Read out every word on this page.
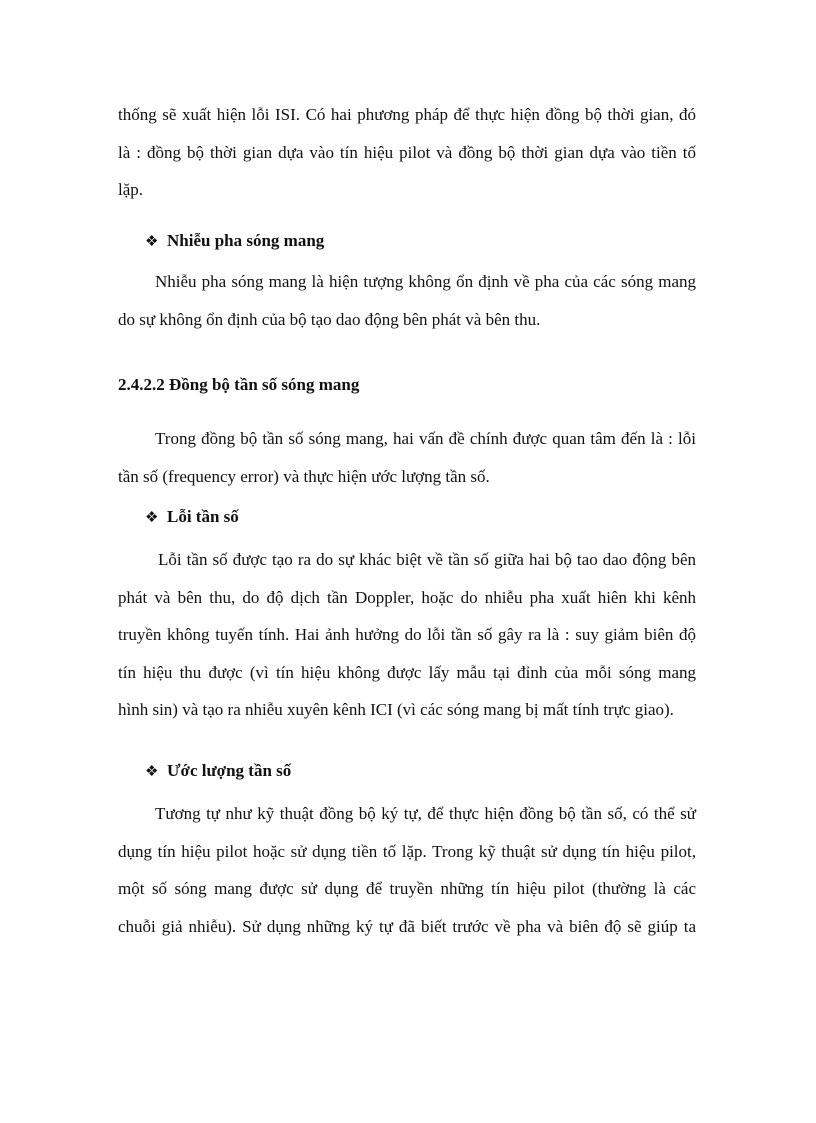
thống sẽ xuất hiện lỗi ISI. Có hai phương pháp để thực hiện đồng bộ thời gian, đó
là : đồng bộ thời gian dựa vào tín hiệu pilot và đồng bộ thời gian dựa vào tiền tố
lặp.

❖ Nhiễu pha sóng mang

Nhiễu pha sóng mang là hiện tượng không ổn định về pha của các sóng mang
do sự không ổn định của bộ tạo dao động bên phát và bên thu.

2.4.2.2 Đồng bộ tần số sóng mang

Trong đồng bộ tần số sóng mang, hai vấn đề chính được quan tâm đến là : lỗi
tần số (frequency error) và thực hiện ước lượng tần số.

❖ Lỗi tần số

Lỗi tần số được tạo ra do sự khác biệt về tần số giữa hai bộ tao dao động bên
phát và bên thu, do độ dịch tần Doppler, hoặc do nhiễu pha xuất hiên khi kênh
truyền không tuyến tính. Hai ảnh hưởng do lỗi tần số gây ra là : suy giảm biên độ
tín hiệu thu được (vì tín hiệu không được lấy mẫu tại đỉnh của mỗi sóng mang
hình sin) và tạo ra nhiễu xuyên kênh ICI (vì các sóng mang bị mất tính trực giao).

❖ Ước lượng tần số

Tương tự như kỹ thuật đồng bộ ký tự, để thực hiện đồng bộ tần số, có thể sử
dụng tín hiệu pilot hoặc sử dụng tiền tố lặp. Trong kỹ thuật sử dụng tín hiệu pilot,
một số sóng mang được sử dụng để truyền những tín hiệu pilot (thường là các
chuỗi giả nhiễu). Sử dụng những ký tự đã biết trước về pha và biên độ sẽ giúp ta
